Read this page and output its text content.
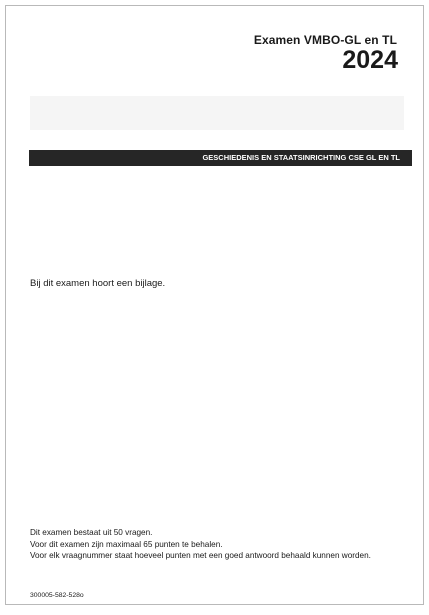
Examen VMBO-GL en TL
2024
GESCHIEDENIS EN STAATSINRICHTING CSE GL EN TL
Bij dit examen hoort een bijlage.
Dit examen bestaat uit 50 vragen.
Voor dit examen zijn maximaal 65 punten te behalen.
Voor elk vraagnummer staat hoeveel punten met een goed antwoord behaald kunnen worden.
300005-582-528o
